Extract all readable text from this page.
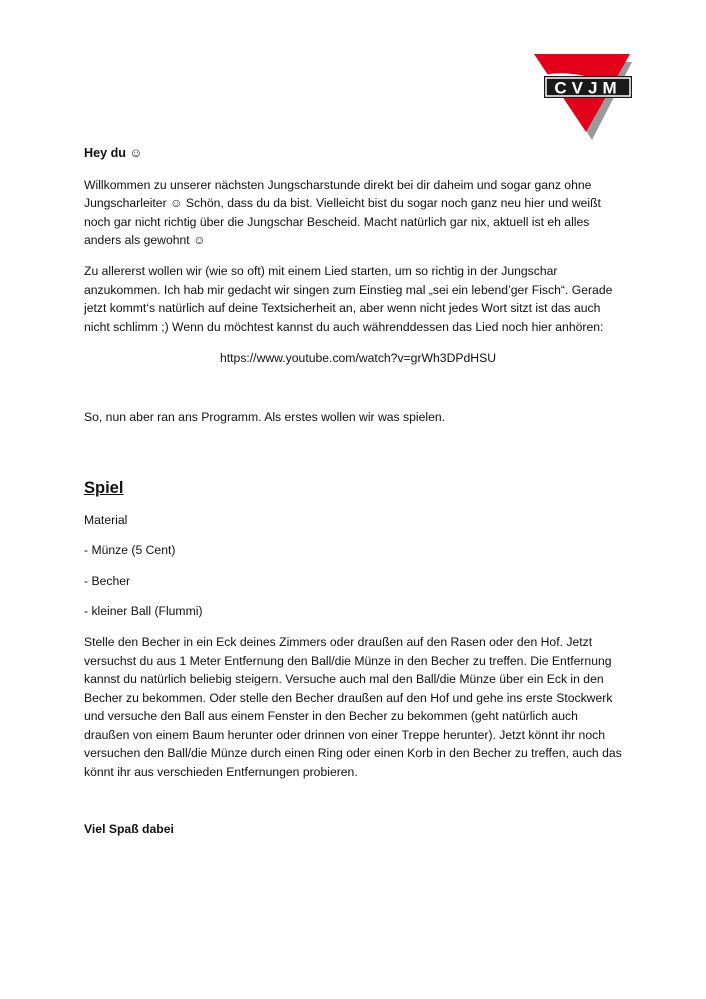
CVJM

Hey du ☺

Willkommen zu unserer nächsten Jungscharstunde direkt bei dir daheim und sogar ganz ohne Jungscharleiter ☺ Schön, dass du da bist. Vielleicht bist du sogar noch ganz neu hier und weißt noch gar nicht richtig über die Jungschar Bescheid. Macht natürlich gar nix, aktuell ist eh alles anders als gewohnt ☺

Zu allererst wollen wir (wie so oft) mit einem Lied starten, um so richtig in der Jungschar anzukommen. Ich hab mir gedacht wir singen zum Einstieg mal „sei ein lebend’ger Fisch“. Gerade jetzt kommt‘s natürlich auf deine Textsicherheit an, aber wenn nicht jedes Wort sitzt ist das auch nicht schlimm ;) Wenn du möchtest kannst du auch währenddessen das Lied noch hier anhören:

https://www.youtube.com/watch?v=grWh3DPdHSU

So, nun aber ran ans Programm. Als erstes wollen wir was spielen.

Spiel

Material

- Münze (5 Cent)

- Becher

- kleiner Ball (Flummi)

Stelle den Becher in ein Eck deines Zimmers oder draußen auf den Rasen oder den Hof. Jetzt versuchst du aus 1 Meter Entfernung den Ball/die Münze in den Becher zu treffen. Die Entfernung kannst du natürlich beliebig steigern. Versuche auch mal den Ball/die Münze über ein Eck in den Becher zu bekommen. Oder stelle den Becher draußen auf den Hof und gehe ins erste Stockwerk und versuche den Ball aus einem Fenster in den Becher zu bekommen (geht natürlich auch draußen von einem Baum herunter oder drinnen von einer Treppe herunter). Jetzt könnt ihr noch versuchen den Ball/die Münze durch einen Ring oder einen Korb in den Becher zu treffen, auch das könnt ihr aus verschieden Entfernungen probieren.

Viel Spaß dabei
